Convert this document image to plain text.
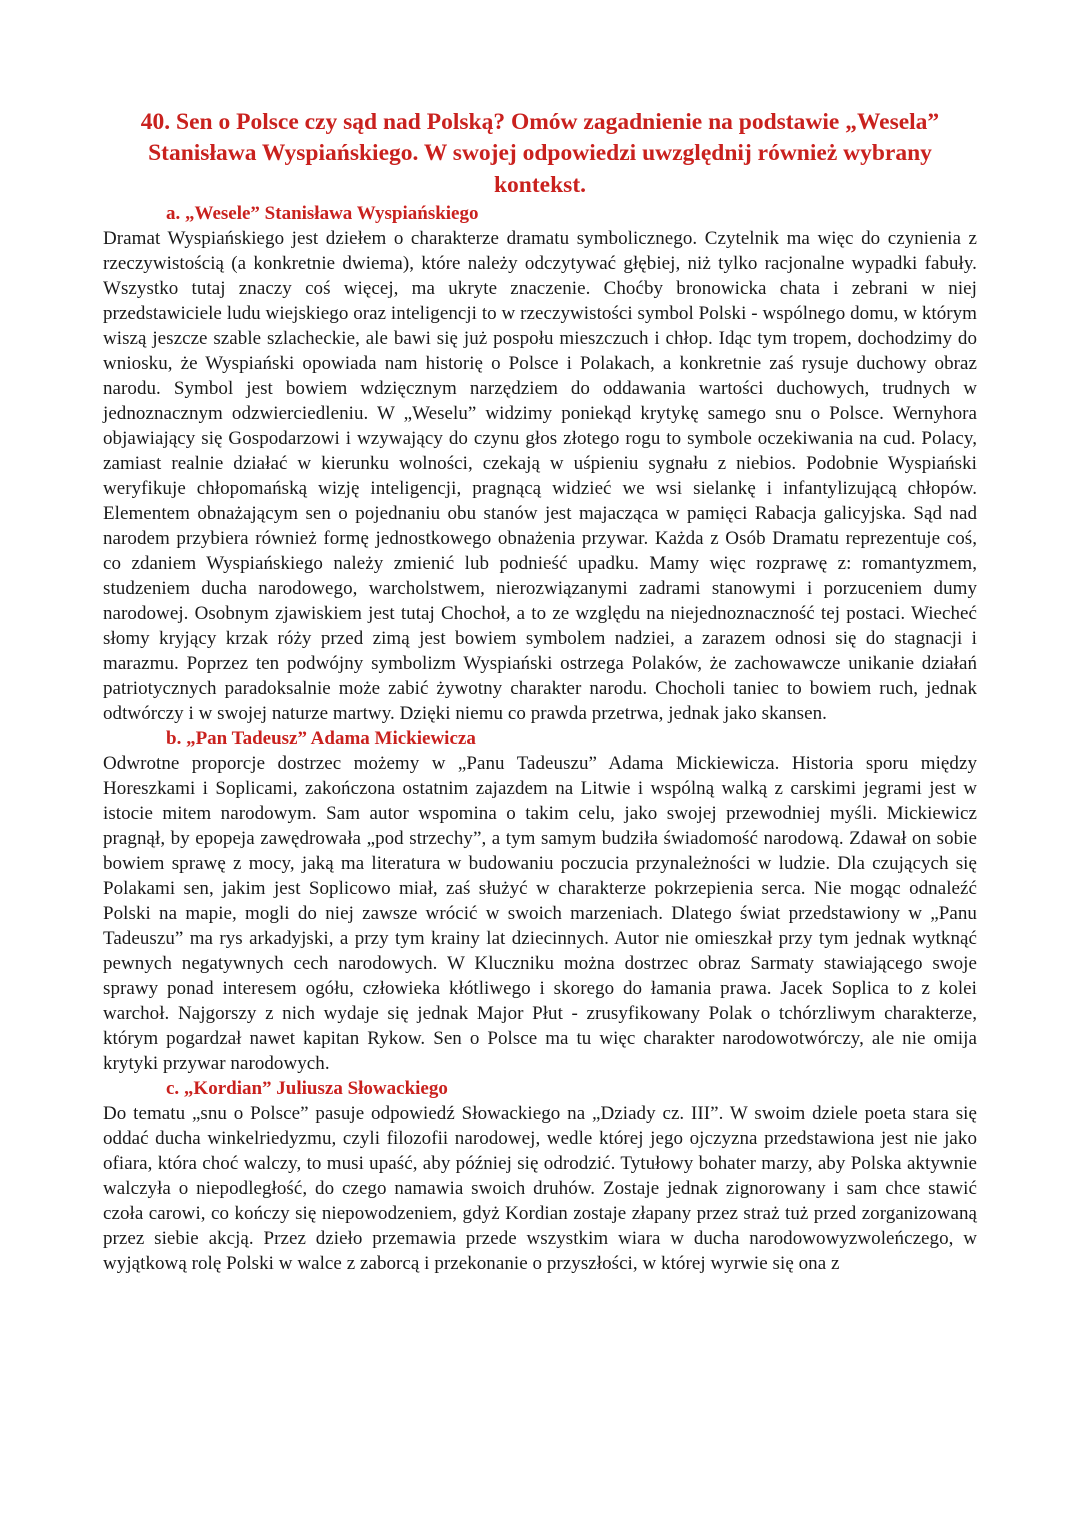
40. Sen o Polsce czy sąd nad Polską? Omów zagadnienie na podstawie „Wesela” Stanisława Wyspiańskiego. W swojej odpowiedzi uwzględnij również wybrany kontekst.
a. „Wesele” Stanisława Wyspiańskiego

Dramat Wyspiańskiego jest dziełem o charakterze dramatu symbolicznego. Czytelnik ma więc do czynienia z rzeczywistością (a konkretnie dwiema), które należy odczytywać głębiej, niż tylko racjonalne wypadki fabuły. Wszystko tutaj znaczy coś więcej, ma ukryte znaczenie. Choćby bronowicka chata i zebrani w niej przedstawiciele ludu wiejskiego oraz inteligencji to w rzeczywistości symbol Polski - wspólnego domu, w którym wiszą jeszcze szable szlacheckie, ale bawi się już pospołu mieszczuch i chłop. Idąc tym tropem, dochodzimy do wniosku, że Wyspiański opowiada nam historię o Polsce i Polakach, a konkretnie zaś rysuje duchowy obraz narodu. Symbol jest bowiem wdzięcznym narzędziem do oddawania wartości duchowych, trudnych w jednoznacznym odzwierciedleniu. W „Weselu” widzimy poniekąd krytykę samego snu o Polsce. Wernyhora objawiający się Gospodarzowi i wzywający do czynu głos złotego rogu to symbole oczekiwania na cud. Polacy, zamiast realnie działać w kierunku wolności, czekają w uśpieniu sygnału z niebios. Podobnie Wyspiański weryfikuje chłopomańską wizję inteligencji, pragnącą widzieć we wsi sielankę i infantylizującą chłopów. Elementem obnażającym sen o pojednaniu obu stanów jest majacząca w pamięci Rabacja galicyjska. Sąd nad narodem przybiera również formę jednostkowego obnażenia przywar. Każda z Osób Dramatu reprezentuje coś, co zdaniem Wyspiańskiego należy zmienić lub podnieść upadku. Mamy więc rozprawę z: romantyzmem, studzeniem ducha narodowego, warcholstwem, nierozwiązanymi zadrami stanowymi i porzuceniem dumy narodowej. Osobnym zjawiskiem jest tutaj Chochoł, a to ze względu na niejednoznaczność tej postaci. Wiecheć słomy kryjący krzak róży przed zimą jest bowiem symbolem nadziei, a zarazem odnosi się do stagnacji i marazmu. Poprzez ten podwójny symbolizm Wyspiański ostrzega Polaków, że zachowawcze unikanie działań patriotycznych paradoksalnie może zabić żywotny charakter narodu. Chocholi taniec to bowiem ruch, jednak odtwórczy i w swojej naturze martwy. Dzięki niemu co prawda przetrwa, jednak jako skansen.

b. „Pan Tadeusz” Adama Mickiewicza

Odwrotne proporcje dostrzec możemy w „Panu Tadeuszu” Adama Mickiewicza. Historia sporu między Horeszkami i Soplicami, zakończona ostatnim zajazdem na Litwie i wspólną walką z carskimi jegrami jest w istocie mitem narodowym. Sam autor wspomina o takim celu, jako swojej przewodniej myśli. Mickiewicz pragnął, by epopeja zawędrowała „pod strzechy”, a tym samym budziła świadomość narodową. Zdawał on sobie bowiem sprawę z mocy, jaką ma literatura w budowaniu poczucia przynależności w ludzie. Dla czujących się Polakami sen, jakim jest Soplicowo miał, zaś służyć w charakterze pokrzepienia serca. Nie mogąc odnaleźć Polski na mapie, mogli do niej zawsze wrócić w swoich marzeniach. Dlatego świat przedstawiony w „Panu Tadeuszu” ma rys arkadyjski, a przy tym krainy lat dziecinnych. Autor nie omieszkał przy tym jednak wytknąć pewnych negatywnych cech narodowych. W Kluczniku można dostrzec obraz Sarmaty stawiającego swoje sprawy ponad interesem ogółu, człowieka kłótliwego i skorego do łamania prawa. Jacek Soplica to z kolei warchoł. Najgorszy z nich wydaje się jednak Major Płut - zrusyfikowany Polak o tchórzliwym charakterze, którym pogardzał nawet kapitan Rykow. Sen o Polsce ma tu więc charakter narodowotwórczy, ale nie omija krytyki przywar narodowych.

c. „Kordian” Juliusza Słowackiego

Do tematu „snu o Polsce” pasuje odpowiedź Słowackiego na „Dziady cz. III”. W swoim dziele poeta stara się oddać ducha winkelriedyzmu, czyli filozofii narodowej, wedle której jego ojczyzna przedstawiona jest nie jako ofiara, która choć walczy, to musi upaść, aby później się odrodzić. Tytułowy bohater marzy, aby Polska aktywnie walczyła o niepodległość, do czego namawia swoich druhów. Zostaje jednak zignorowany i sam chce stawić czoła carowi, co kończy się niepowodzeniem, gdyż Kordian zostaje złapany przez straż tuż przed zorganizowaną przez siebie akcją. Przez dzieło przemawia przede wszystkim wiara w ducha narodowowyzwoleńczego, w wyjątkową rolę Polski w walce z zaborcą i przekonanie o przyszłości, w której wyrwie się ona z
